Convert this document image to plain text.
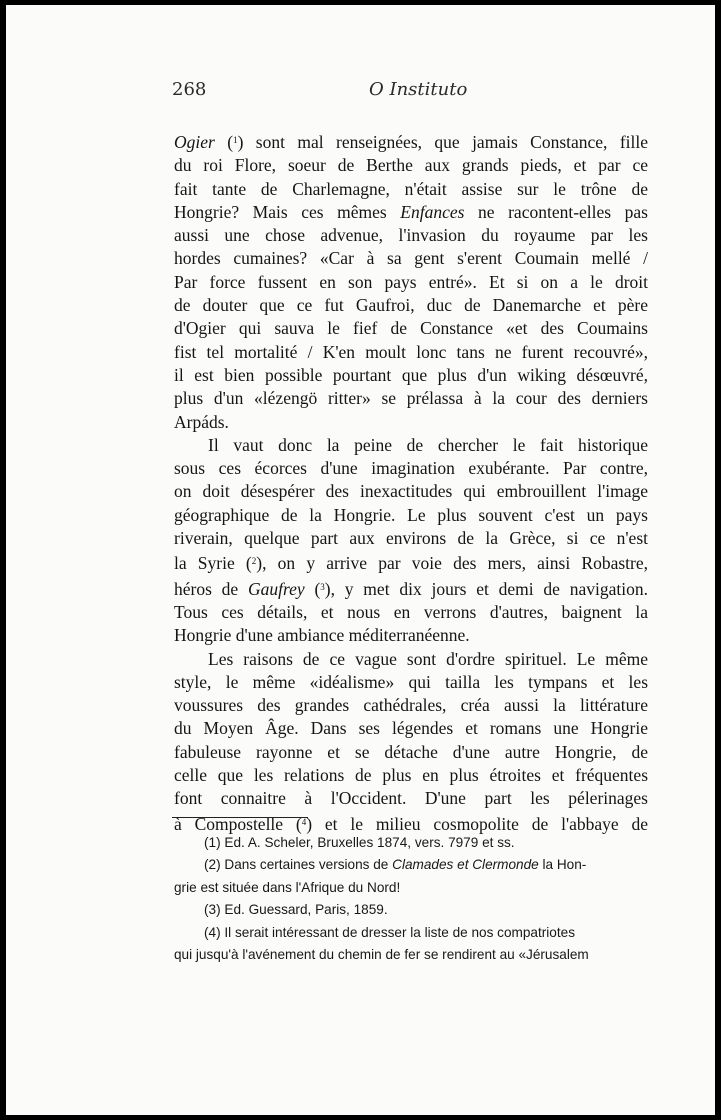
268	O Instituto
Ogier ($^1$) sont mal renseignées, que jamais Constance, fille
du roi Flore, soeur de Berthe aux grands pieds, et par ce
fait tante de Charlemagne, n'était assise sur le trône de
Hongrie? Mais ces mêmes Enfances ne racontent-elles pas
aussi une chose advenue, l'invasion du royaume par les
hordes cumaines? «Car à sa gent s'erent Coumain mellé /
Par force fussent en son pays entré». Et si on a le droit
de douter que ce fut Gaufroi, duc de Danemarche et père
d'Ogier qui sauva le fief de Constance «et des Coumains
fist tel mortalité / K'en moult lonc tans ne furent recouvré»,
il est bien possible pourtant que plus d'un wiking désœuvré,
plus d'un «lézengö ritter» se prélassa à la cour des derniers
Arpáds.
Il vaut donc la peine de chercher le fait historique
sous ces écorces d'une imagination exubérante. Par contre,
on doit désespérer des inexactitudes qui embrouillent l'image
géographique de la Hongrie. Le plus souvent c'est un pays
riverain, quelque part aux environs de la Grèce, si ce n'est
la Syrie ($^2$), on y arrive par voie des mers, ainsi Robastre,
héros de Gaufrey ($^3$), y met dix jours et demi de navigation.
Tous ces détails, et nous en verrons d'autres, baignent la
Hongrie d'une ambiance méditerranéenne.
Les raisons de ce vague sont d'ordre spirituel. Le même
style, le même «idéalisme» qui tailla les tympans et les
voussures des grandes cathédrales, créa aussi la littérature
du Moyen Âge. Dans ses légendes et romans une Hongrie
fabuleuse rayonne et se détache d'une autre Hongrie, de
celle que les relations de plus en plus étroites et fréquentes
font connaitre à l'Occident. D'une part les pélerinages
à Compostelle ($^4$) et le milieu cosmopolite de l'abbaye de
(1) Ed. A. Scheler, Bruxelles 1874, vers. 7979 et ss.
(2) Dans certaines versions de Clamades et Clermonde la Hon-
grie est située dans l'Afrique du Nord!
(3) Ed. Guessard, Paris, 1859.
(4) Il serait intéressant de dresser la liste de nos compatriotes
qui jusqu'à l'avénement du chemin de fer se rendirent au «Jérusalem
